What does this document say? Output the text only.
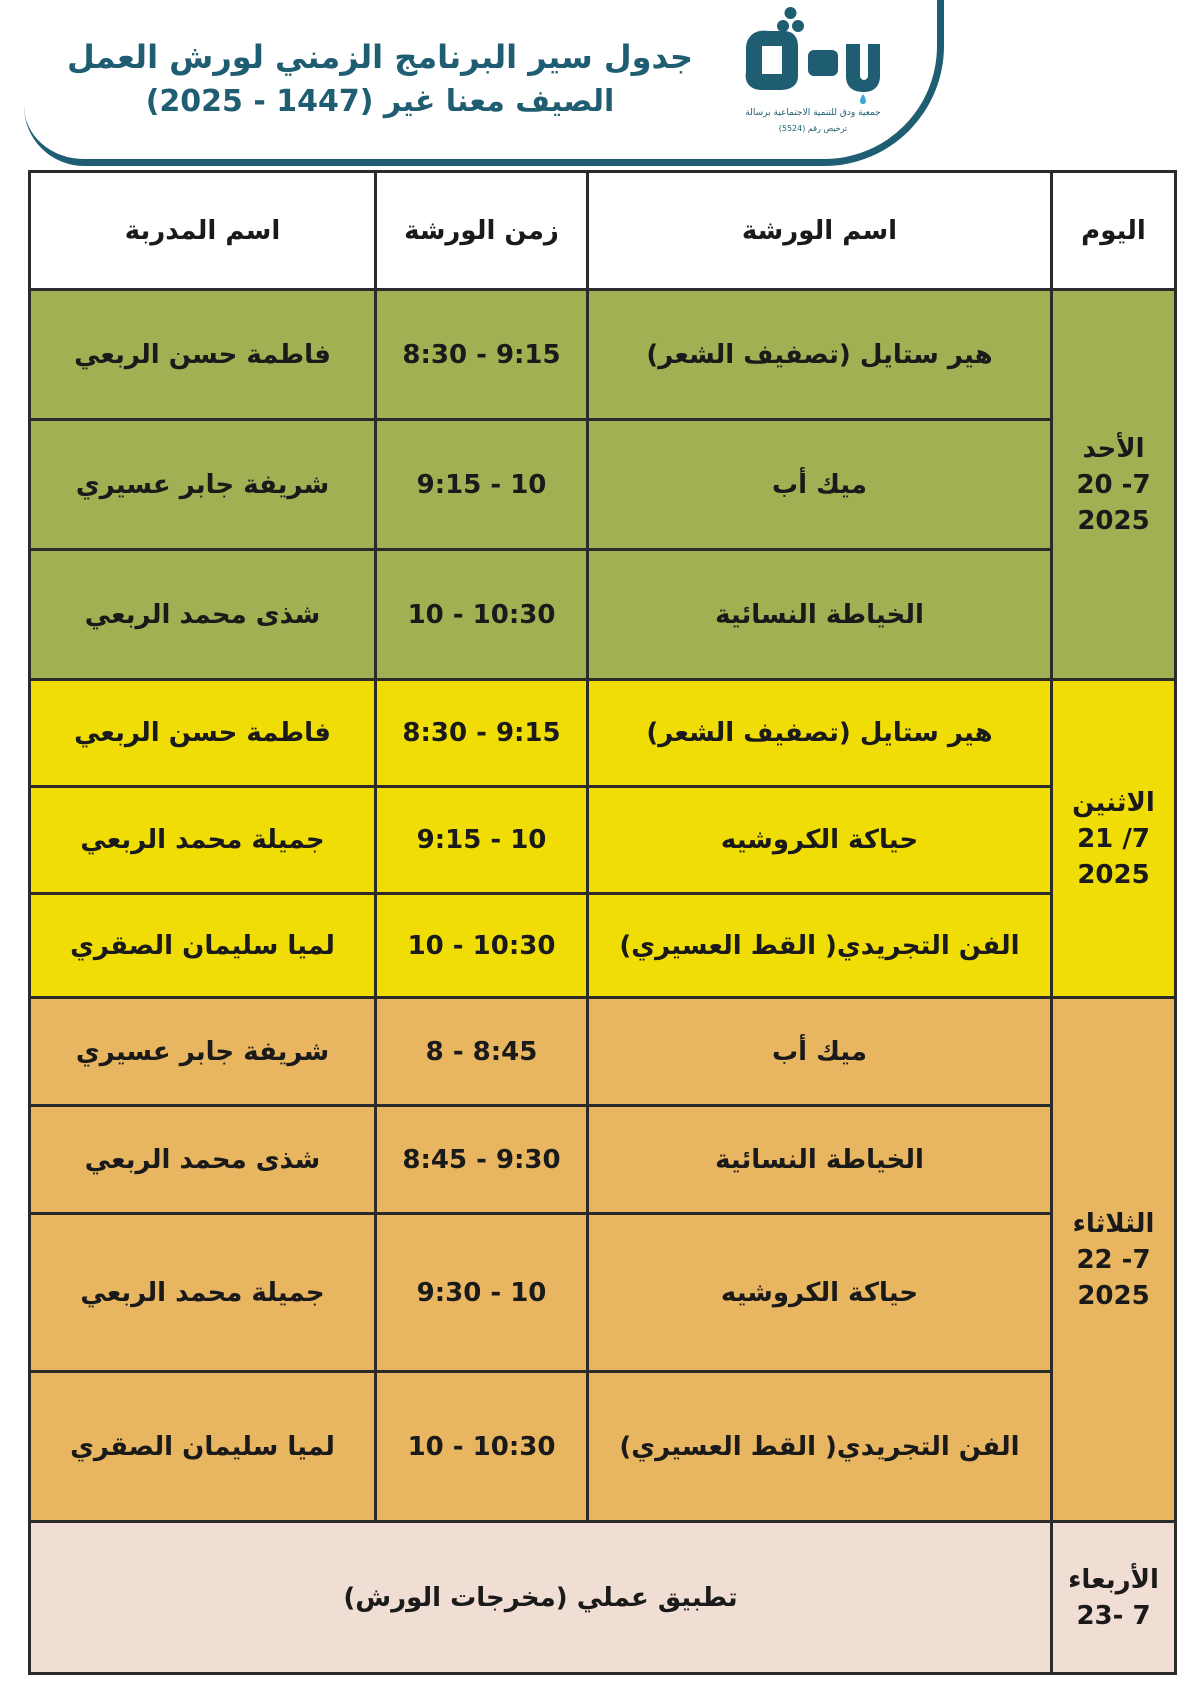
جدول سير البرنامج الزمني لورش العمل
الصيف معنا غير (1447 - 2025)	جمعية ودق للتنمية الاجتماعية برسالة
ترخيص رقم (5524)
اليوم	اسم الورشة	زمن الورشة	اسم المدربة

الأحد
7- 20
2025	هير ستايل (تصفيف الشعر)	8:30 - 9:15	فاطمة حسن الربعي
	ميك أب	9:15 - 10	شريفة جابر عسيري
	الخياطة النسائية	10 - 10:30	شذى محمد الربعي

الاثنين
7/ 21
2025	هير ستايل (تصفيف الشعر)	8:30 - 9:15	فاطمة حسن الربعي
	حياكة الكروشيه	9:15 - 10	جميلة محمد الربعي
	الفن التجريدي( القط العسيري)	10 - 10:30	لميا سليمان الصقري

الثلاثاء
7- 22
2025	ميك أب	8 - 8:45	شريفة جابر عسيري
	الخياطة النسائية	8:45 - 9:30	شذى محمد الربعي
	حياكة الكروشيه	9:30 - 10	جميلة محمد الربعي
	الفن التجريدي( القط العسيري)	10 - 10:30	لميا سليمان الصقري

الأربعاء
7 -23	تطبيق عملي (مخرجات الورش)		
